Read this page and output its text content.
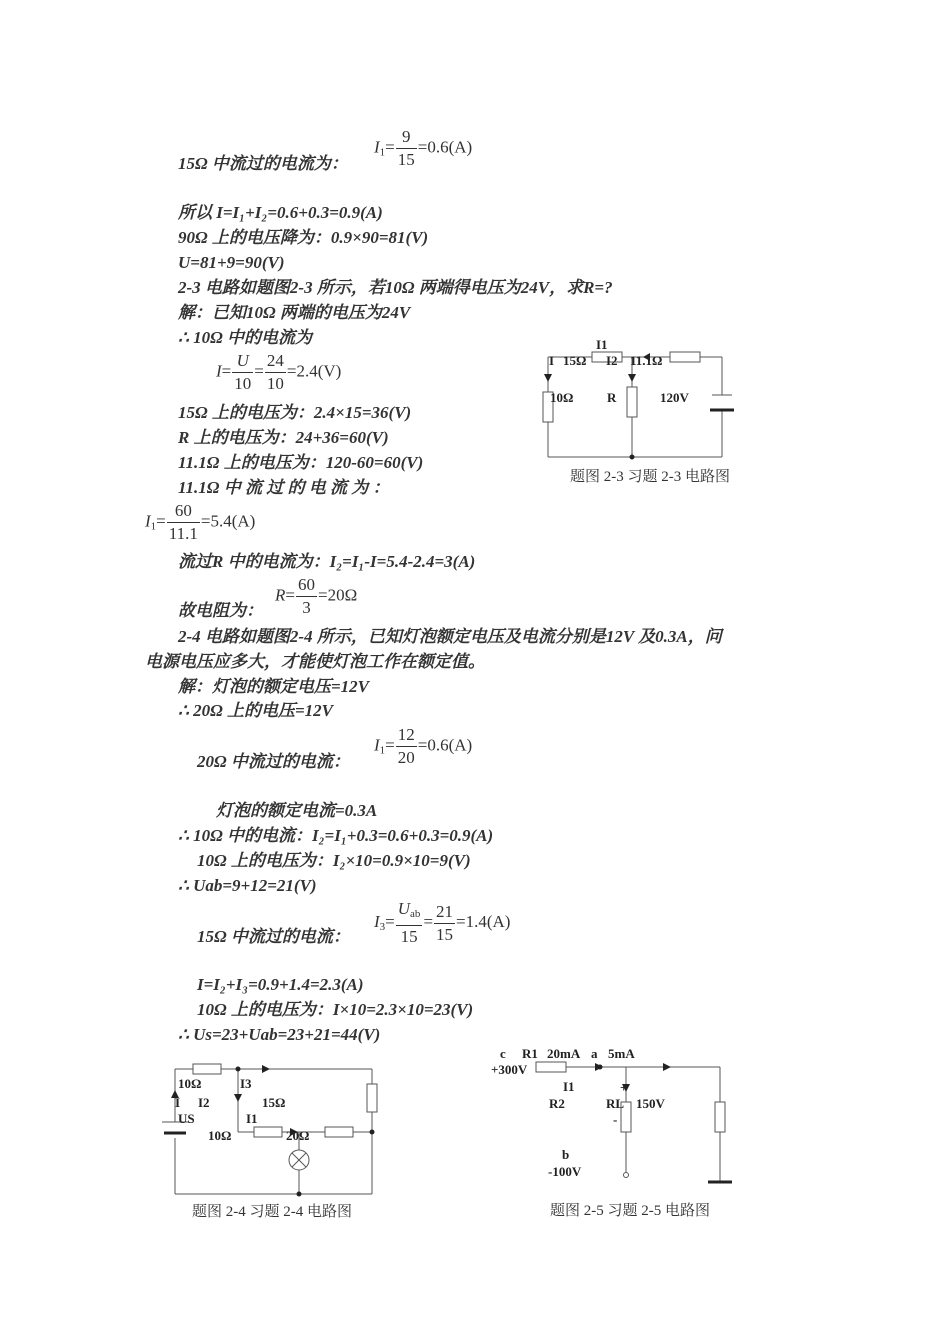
15Ω 中流过的电流为：
$I_1= \frac{9}{15} =0.6(A)$
所以 I=I₁+I₂=0.6+0.3=0.9(A)
90Ω 上的电压降为：0.9×90=81(V)
U=81+9=90(V)
2-3 电路如题图2-3 所示，若10Ω 两端得电压为24V，求R=?
解：已知10Ω 两端的电压为24V
∴ 10Ω 中的电流为
$I= \frac{U}{10} = \frac{24}{10} =2.4(V)$
15Ω 上的电压为：2.4×15=36(V)
R 上的电压为：24+36=60(V)
11.1Ω 上的电压为：120-60=60(V)
11.1Ω 中 流 过 的 电 流 为 ：
$I_1= \frac{60}{11.1} =5.4(A)$
流过R 中的电流为：I₂=I₁-I=5.4-2.4=3(A)
$R= \frac{60}{3} =20\Omega$
故电阻为：
2-4 电路如题图2-4 所示，已知灯泡额定电压及电流分别是12V 及0.3A，问
电源电压应多大，才能使灯泡工作在额定值。
解：灯泡的额定电压=12V
∴ 20Ω 上的电压=12V
$I_1= \frac{12}{20} =0.6(A)$
20Ω 中流过的电流：
灯泡的额定电流=0.3A
∴ 10Ω 中的电流：I₂=I₁+0.3=0.6+0.3=0.9(A)
10Ω 上的电压为：I₂×10=0.9×10=9(V)
∴ Uab=9+12=21(V)
$I_3= \frac{U_{ab}}{15} = \frac{21}{15} =1.4(A)$
15Ω 中流过的电流：
I=I₂+I₃=0.9+1.4=2.3(A)
10Ω 上的电压为：I×10=2.3×10=23(V)
∴ Us=23+Uab=23+21=44(V)
I1
I 15Ω I2 11.1Ω
10Ω	R	120V
10Ω	I3
I I2	15Ω
US	I1
10Ω	20Ω
c
+300V
R1 20mA a 5mA
I1
R2	RL
+
150V
-
b
-100V
题图 2-3 习题 2-3 电路图
题图 2-4 习题 2-4 电路图	题图 2-5 习题 2-5 电路图
